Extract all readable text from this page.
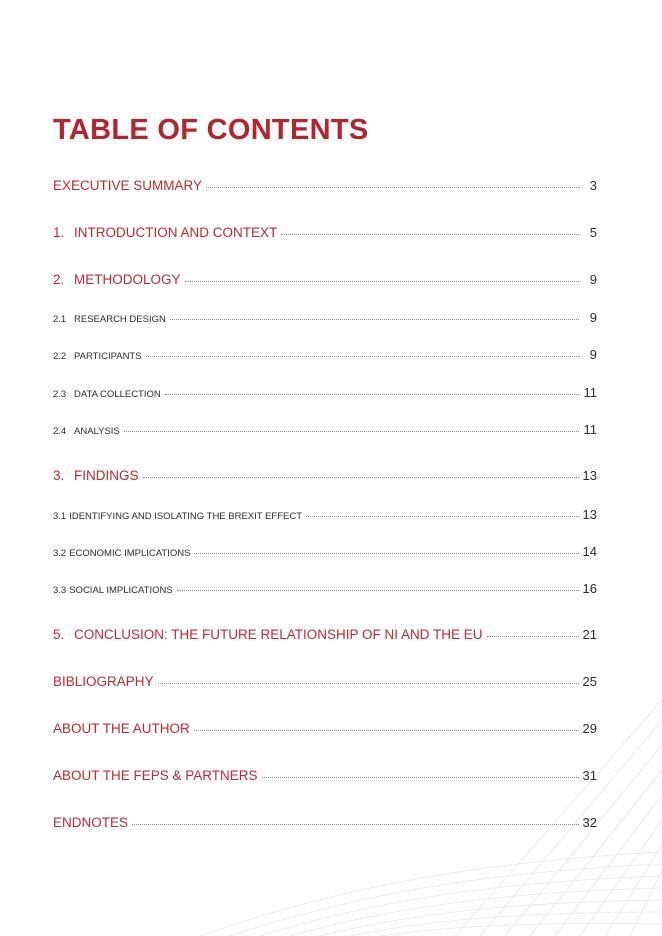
TABLE OF CONTENTS
EXECUTIVE SUMMARY	3
1. INTRODUCTION AND CONTEXT	5
2. METHODOLOGY	9
2.1 RESEARCH DESIGN	9
2.2 PARTICIPANTS	9
2.3 DATA COLLECTION	11
2.4 ANALYSIS	11
3. FINDINGS	13
3.1 IDENTIFYING AND ISOLATING THE BREXIT EFFECT	13
3.2 ECONOMIC IMPLICATIONS	14
3.3 SOCIAL IMPLICATIONS	16
5. CONCLUSION: THE FUTURE RELATIONSHIP OF NI AND THE EU	21
BIBLIOGRAPHY	25
ABOUT THE AUTHOR	29
ABOUT THE FEPS & PARTNERS	31
ENDNOTES	32
